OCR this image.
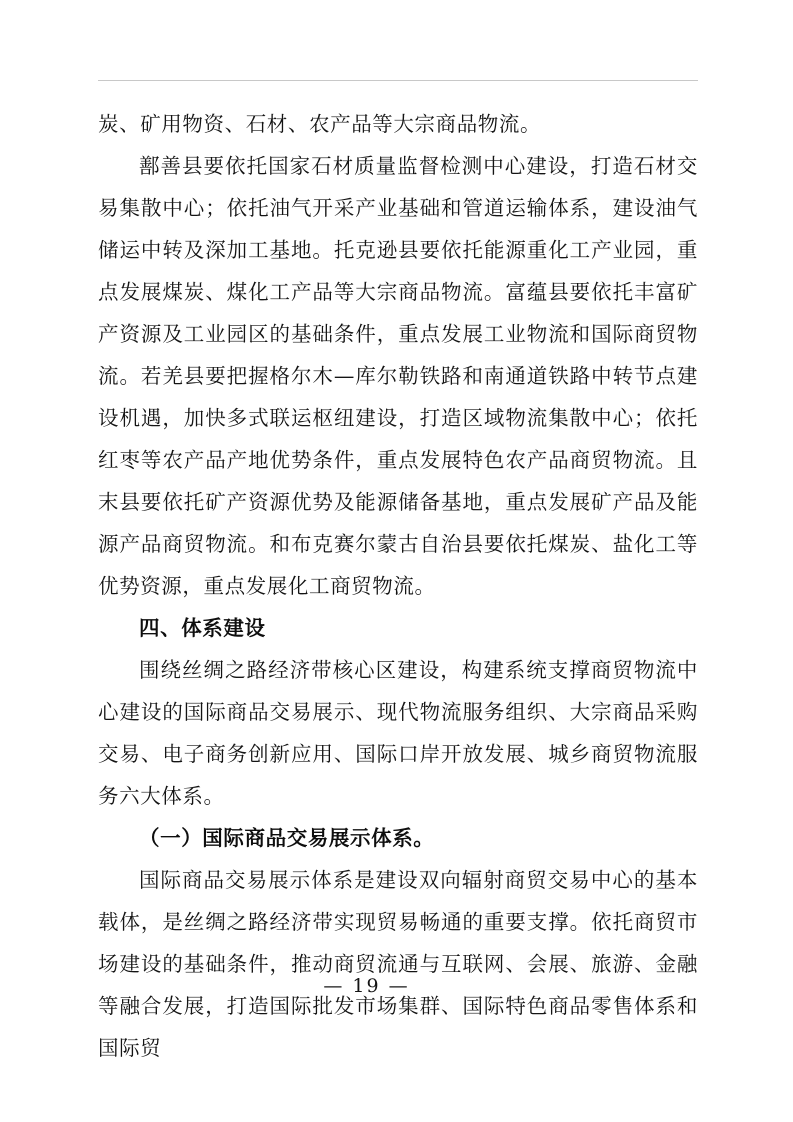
炭、矿用物资、石材、农产品等大宗商品物流。

鄯善县要依托国家石材质量监督检测中心建设，打造石材交易集散中心；依托油气开采产业基础和管道运输体系，建设油气储运中转及深加工基地。托克逊县要依托能源重化工产业园，重点发展煤炭、煤化工产品等大宗商品物流。富蕴县要依托丰富矿产资源及工业园区的基础条件，重点发展工业物流和国际商贸物流。若羌县要把握格尔木—库尔勒铁路和南通道铁路中转节点建设机遇，加快多式联运枢纽建设，打造区域物流集散中心；依托红枣等农产品产地优势条件，重点发展特色农产品商贸物流。且末县要依托矿产资源优势及能源储备基地，重点发展矿产品及能源产品商贸物流。和布克赛尔蒙古自治县要依托煤炭、盐化工等优势资源，重点发展化工商贸物流。

四、体系建设

围绕丝绸之路经济带核心区建设，构建系统支撑商贸物流中心建设的国际商品交易展示、现代物流服务组织、大宗商品采购交易、电子商务创新应用、国际口岸开放发展、城乡商贸物流服务六大体系。

（一）国际商品交易展示体系。

国际商品交易展示体系是建设双向辐射商贸交易中心的基本载体，是丝绸之路经济带实现贸易畅通的重要支撑。依托商贸市场建设的基础条件，推动商贸流通与互联网、会展、旅游、金融等融合发展，打造国际批发市场集群、国际特色商品零售体系和国际贸

— 19 —
